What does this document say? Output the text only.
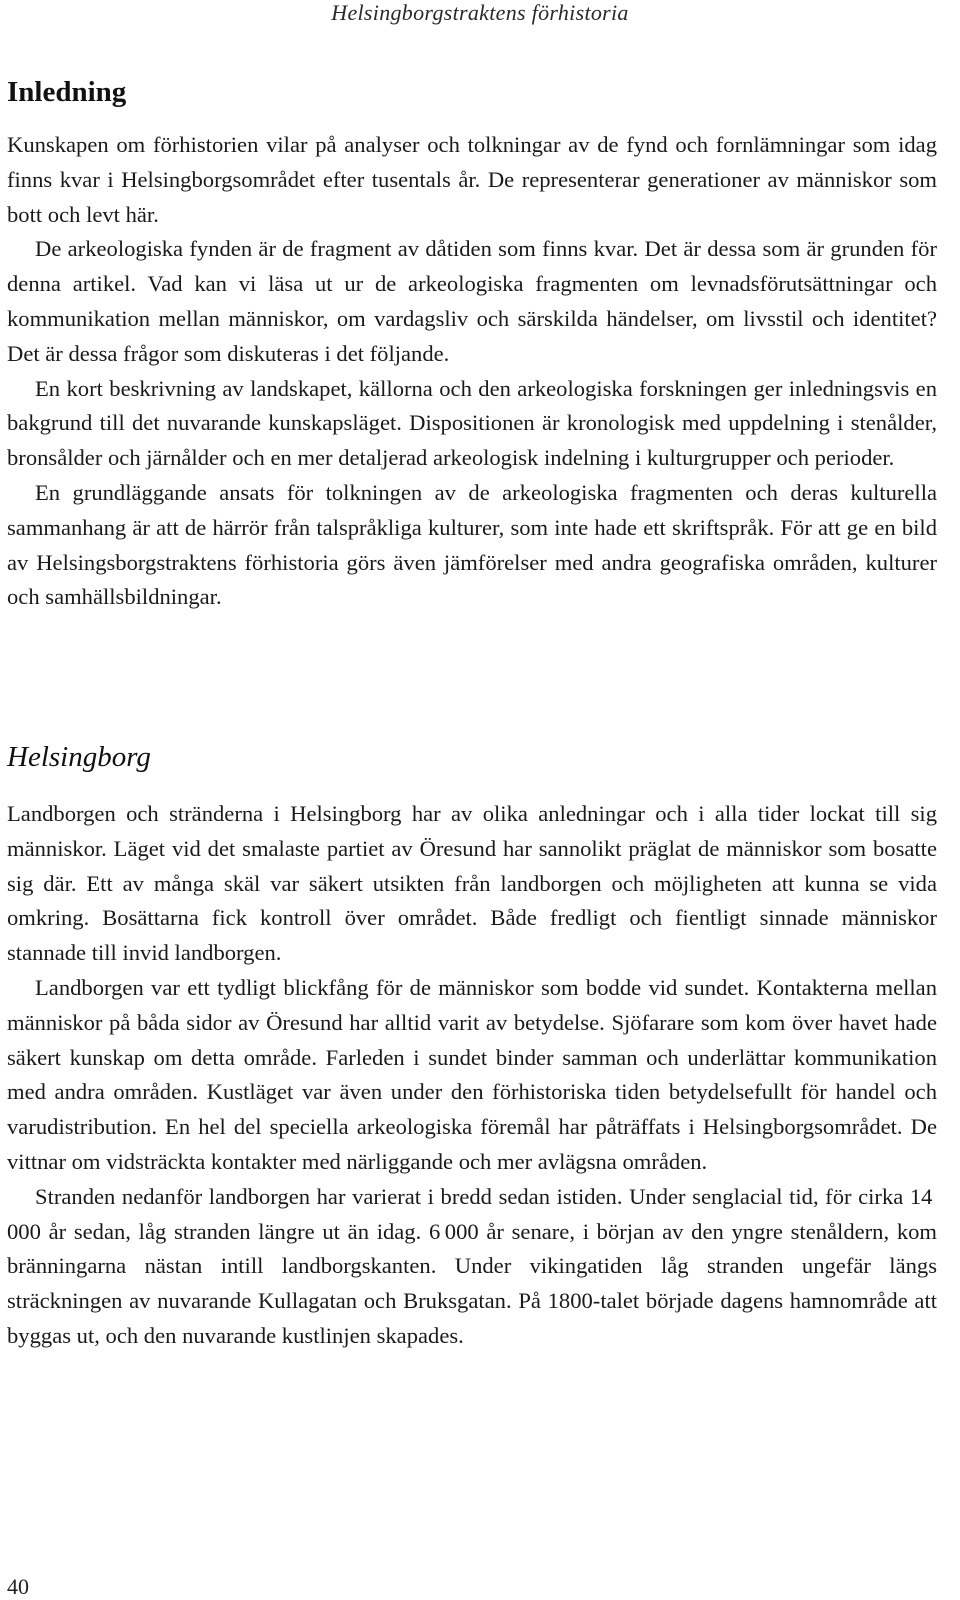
Helsingborgstraktens förhistoria
Inledning

Kunskapen om förhistorien vilar på analyser och tolkningar av de fynd och fornlämningar som idag finns kvar i Helsingborgsområdet efter tusentals år. De representerar generationer av människor som bott och levt här.

De arkeologiska fynden är de fragment av dåtiden som finns kvar. Det är dessa som är grunden för denna artikel. Vad kan vi läsa ut ur de arkeologiska fragmenten om levnadsförutsättningar och kommunikation mellan människor, om vardagsliv och särskilda händelser, om livsstil och identitet? Det är dessa frågor som diskuteras i det följande.

En kort beskrivning av landskapet, källorna och den arkeologiska forskningen ger inledningsvis en bakgrund till det nuvarande kunskapsläget. Dispositionen är kronologisk med uppdelning i stenålder, bronsålder och järnålder och en mer detaljerad arkeologisk indelning i kulturgrupper och perioder.

En grundläggande ansats för tolkningen av de arkeologiska fragmenten och deras kulturella sammanhang är att de härrör från talspråkliga kulturer, som inte hade ett skriftspråk. För att ge en bild av Helsingsborgstraktens förhistoria görs även jämförelser med andra geografiska områden, kulturer och samhällsbildningar.

Helsingborg

Landborgen och stränderna i Helsingborg har av olika anledningar och i alla tider lockat till sig människor. Läget vid det smalaste partiet av Öresund har sannolikt präglat de människor som bosatte sig där. Ett av många skäl var säkert utsikten från landborgen och möjligheten att kunna se vida omkring. Bosättarna fick kontroll över området. Både fredligt och fientligt sinnade människor stannade till invid landborgen.

Landborgen var ett tydligt blickfång för de människor som bodde vid sundet. Kontakterna mellan människor på båda sidor av Öresund har alltid varit av betydelse. Sjöfarare som kom över havet hade säkert kunskap om detta område. Farleden i sundet binder samman och underlättar kommunikation med andra områden. Kustläget var även under den förhistoriska tiden betydelsefullt för handel och varudistribution. En hel del speciella arkeologiska föremål har påträffats i Helsingborgsområdet. De vittnar om vidsträckta kontakter med närliggande och mer avlägsna områden.

Stranden nedanför landborgen har varierat i bredd sedan istiden. Under senglacial tid, för cirka 14 000 år sedan, låg stranden längre ut än idag. 6 000 år senare, i början av den yngre stenåldern, kom bränningarna nästan intill landborgskanten. Under vikingatiden låg stranden ungefär längs sträckningen av nuvarande Kullagatan och Bruksgatan. På 1800-talet började dagens hamnområde att byggas ut, och den nuvarande kustlinjen skapades.

40
